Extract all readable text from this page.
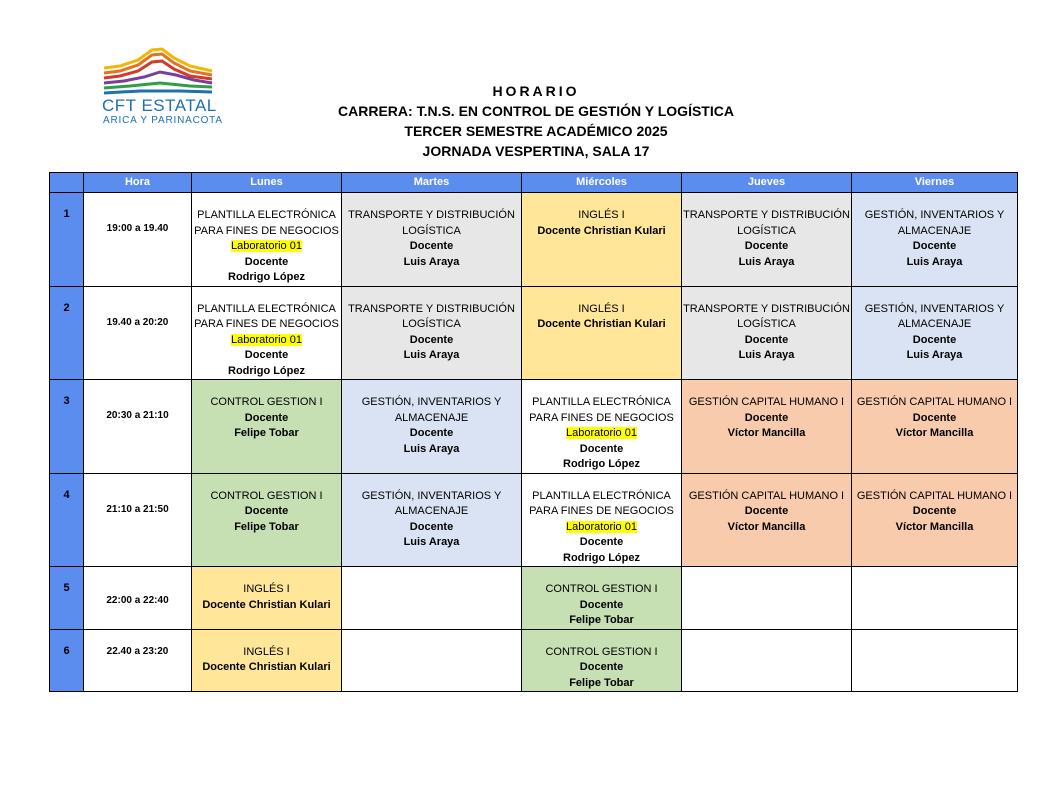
CFT ESTATAL
ARICA Y PARINACOTA
HORARIO
CARRERA: T.N.S. EN CONTROL DE GESTIÓN Y LOGÍSTICA
TERCER SEMESTRE ACADÉMICO 2025
JORNADA VESPERTINA, SALA 17
	Hora	Lunes	Martes	Miércoles	Jueves	Viernes
1	19:00 a 19.40	PLANTILLA ELECTRÓNICA
PARA FINES DE NEGOCIOS
Laboratorio 01
Docente
Rodrigo López	TRANSPORTE Y DISTRIBUCIÓN
LOGÍSTICA
Docente
Luis Araya	INGLÉS I
Docente Christian Kulari	TRANSPORTE Y DISTRIBUCIÓN
LOGÍSTICA
Docente
Luis Araya	GESTIÓN, INVENTARIOS Y
ALMACENAJE
Docente
Luis Araya

2	19.40 a 20:20	PLANTILLA ELECTRÓNICA
PARA FINES DE NEGOCIOS
Laboratorio 01
Docente
Rodrigo López	TRANSPORTE Y DISTRIBUCIÓN
LOGÍSTICA
Docente
Luis Araya	INGLÉS I
Docente Christian Kulari	TRANSPORTE Y DISTRIBUCIÓN
LOGÍSTICA
Docente
Luis Araya	GESTIÓN, INVENTARIOS Y
ALMACENAJE
Docente
Luis Araya

3	20:30 a 21:10	CONTROL GESTION I
Docente
Felipe Tobar	GESTIÓN, INVENTARIOS Y
ALMACENAJE
Docente
Luis Araya	PLANTILLA ELECTRÓNICA
PARA FINES DE NEGOCIOS
Laboratorio 01
Docente
Rodrigo López	GESTIÓN CAPITAL HUMANO I
Docente
Víctor Mancilla	GESTIÓN CAPITAL HUMANO I
Docente
Víctor Mancilla

4	21:10 a 21:50	CONTROL GESTION I
Docente
Felipe Tobar	GESTIÓN, INVENTARIOS Y
ALMACENAJE
Docente
Luis Araya	PLANTILLA ELECTRÓNICA
PARA FINES DE NEGOCIOS
Laboratorio 01
Docente
Rodrigo López	GESTIÓN CAPITAL HUMANO I
Docente
Víctor Mancilla	GESTIÓN CAPITAL HUMANO I
Docente
Víctor Mancilla

5	22:00 a 22:40	INGLÉS I
Docente Christian Kulari		CONTROL GESTION I
Docente
Felipe Tobar		

6	22.40 a 23:20	INGLÉS I
Docente Christian Kulari		CONTROL GESTION I
Docente
Felipe Tobar		
